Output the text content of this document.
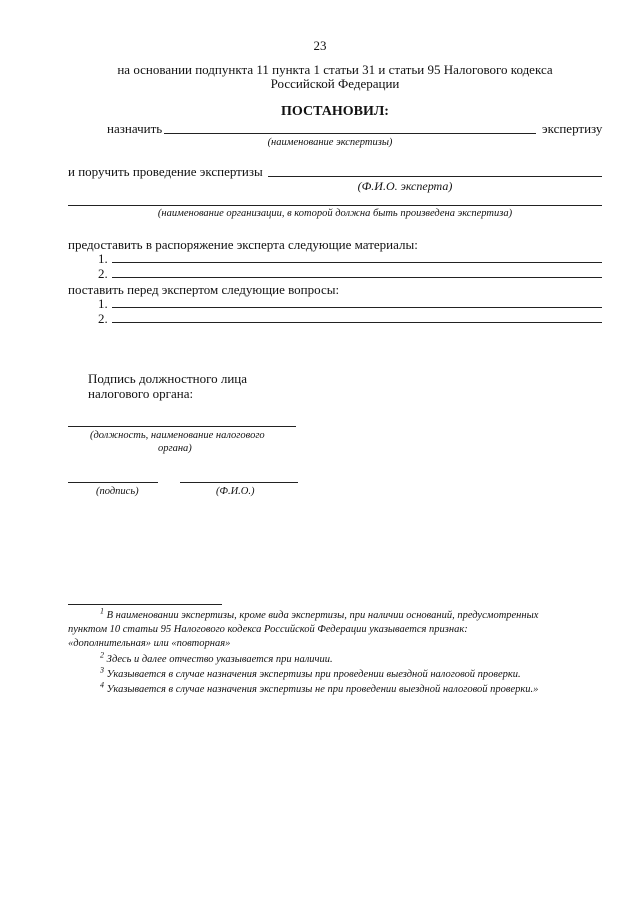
23
на основании подпункта 11 пункта 1 статьи 31 и статьи 95 Налогового кодекса
Российской Федерации
ПОСТАНОВИЛ:
назначить	экспертизу
(наименование экспертизы)
и поручить проведение экспертизы
(Ф.И.О. эксперта)
(наименование организации, в которой должна быть произведена экспертиза)
предоставить в распоряжение эксперта следующие материалы:
1.
2.
поставить перед экспертом следующие вопросы:
1.
2.
Подпись должностного лица
налогового органа:
(должность, наименование налогового
органа)
(подпись)	(Ф.И.О.)
$^1$ В наименовании экспертизы, кроме вида экспертизы, при наличии оснований, предусмотренных
пунктом 10 статьи 95 Налогового кодекса Российской Федерации указывается признак:
«дополнительная» или «повторная»
$^2$ Здесь и далее отчество указывается при наличии.
$^3$ Указывается в случае назначения экспертизы при проведении выездной налоговой проверки.
$^4$ Указывается в случае назначения экспертизы не при проведении выездной налоговой проверки.»
